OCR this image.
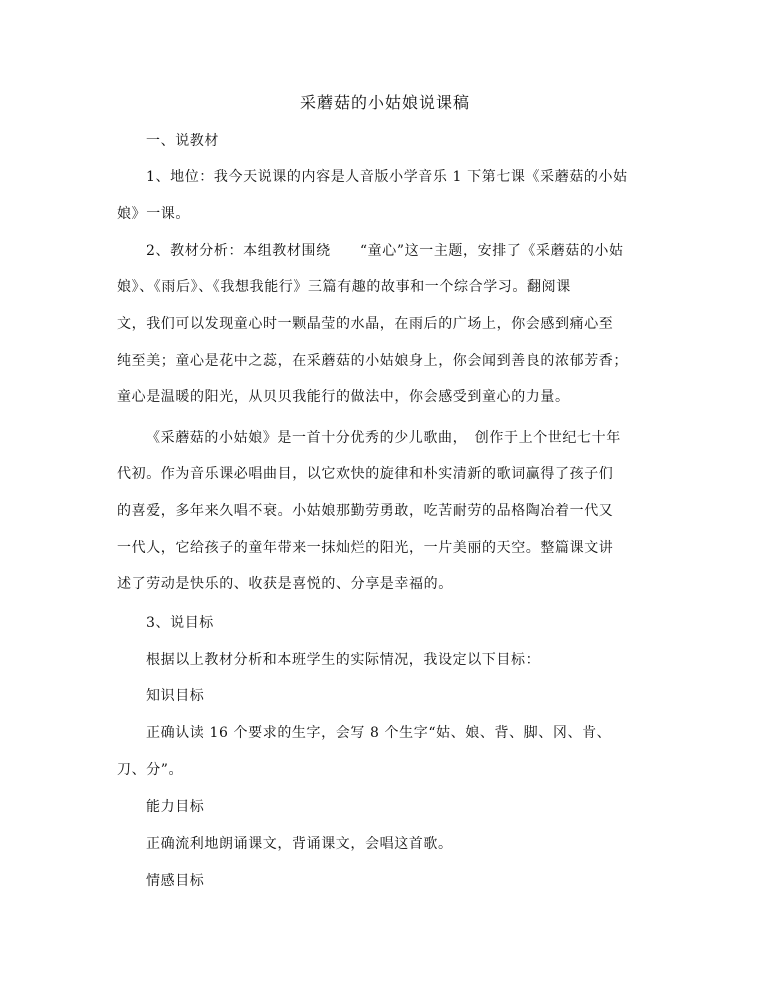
采蘑菇的小姑娘说课稿

一、说教材

1、地位：我今天说课的内容是人音版小学音乐 1 下第七课《采蘑菇的小姑

娘》一课。

2、教材分析：本组教材围绕　　“童心”这一主题，安排了《采蘑菇的小姑

娘》、《雨后》、《我想我能行》三篇有趣的故事和一个综合学习。翻阅课

文，我们可以发现童心时一颗晶莹的水晶，在雨后的广场上，你会感到痛心至

纯至美；童心是花中之蕊，在采蘑菇的小姑娘身上，你会闻到善良的浓郁芳香；

童心是温暖的阳光，从贝贝我能行的做法中，你会感受到童心的力量。

《采蘑菇的小姑娘》是一首十分优秀的少儿歌曲，　创作于上个世纪七十年

代初。作为音乐课必唱曲目，以它欢快的旋律和朴实清新的歌词赢得了孩子们

的喜爱，多年来久唱不衰。小姑娘那勤劳勇敢，吃苦耐劳的品格陶冶着一代又

一代人，它给孩子的童年带来一抹灿烂的阳光，一片美丽的天空。整篇课文讲

述了劳动是快乐的、收获是喜悦的、分享是幸福的。

3、说目标

根据以上教材分析和本班学生的实际情况，我设定以下目标：

知识目标

正确认读 16 个要求的生字，会写 8 个生字“姑、娘、背、脚、冈、肯、

刀、分”。

能力目标

正确流利地朗诵课文，背诵课文，会唱这首歌。

情感目标
